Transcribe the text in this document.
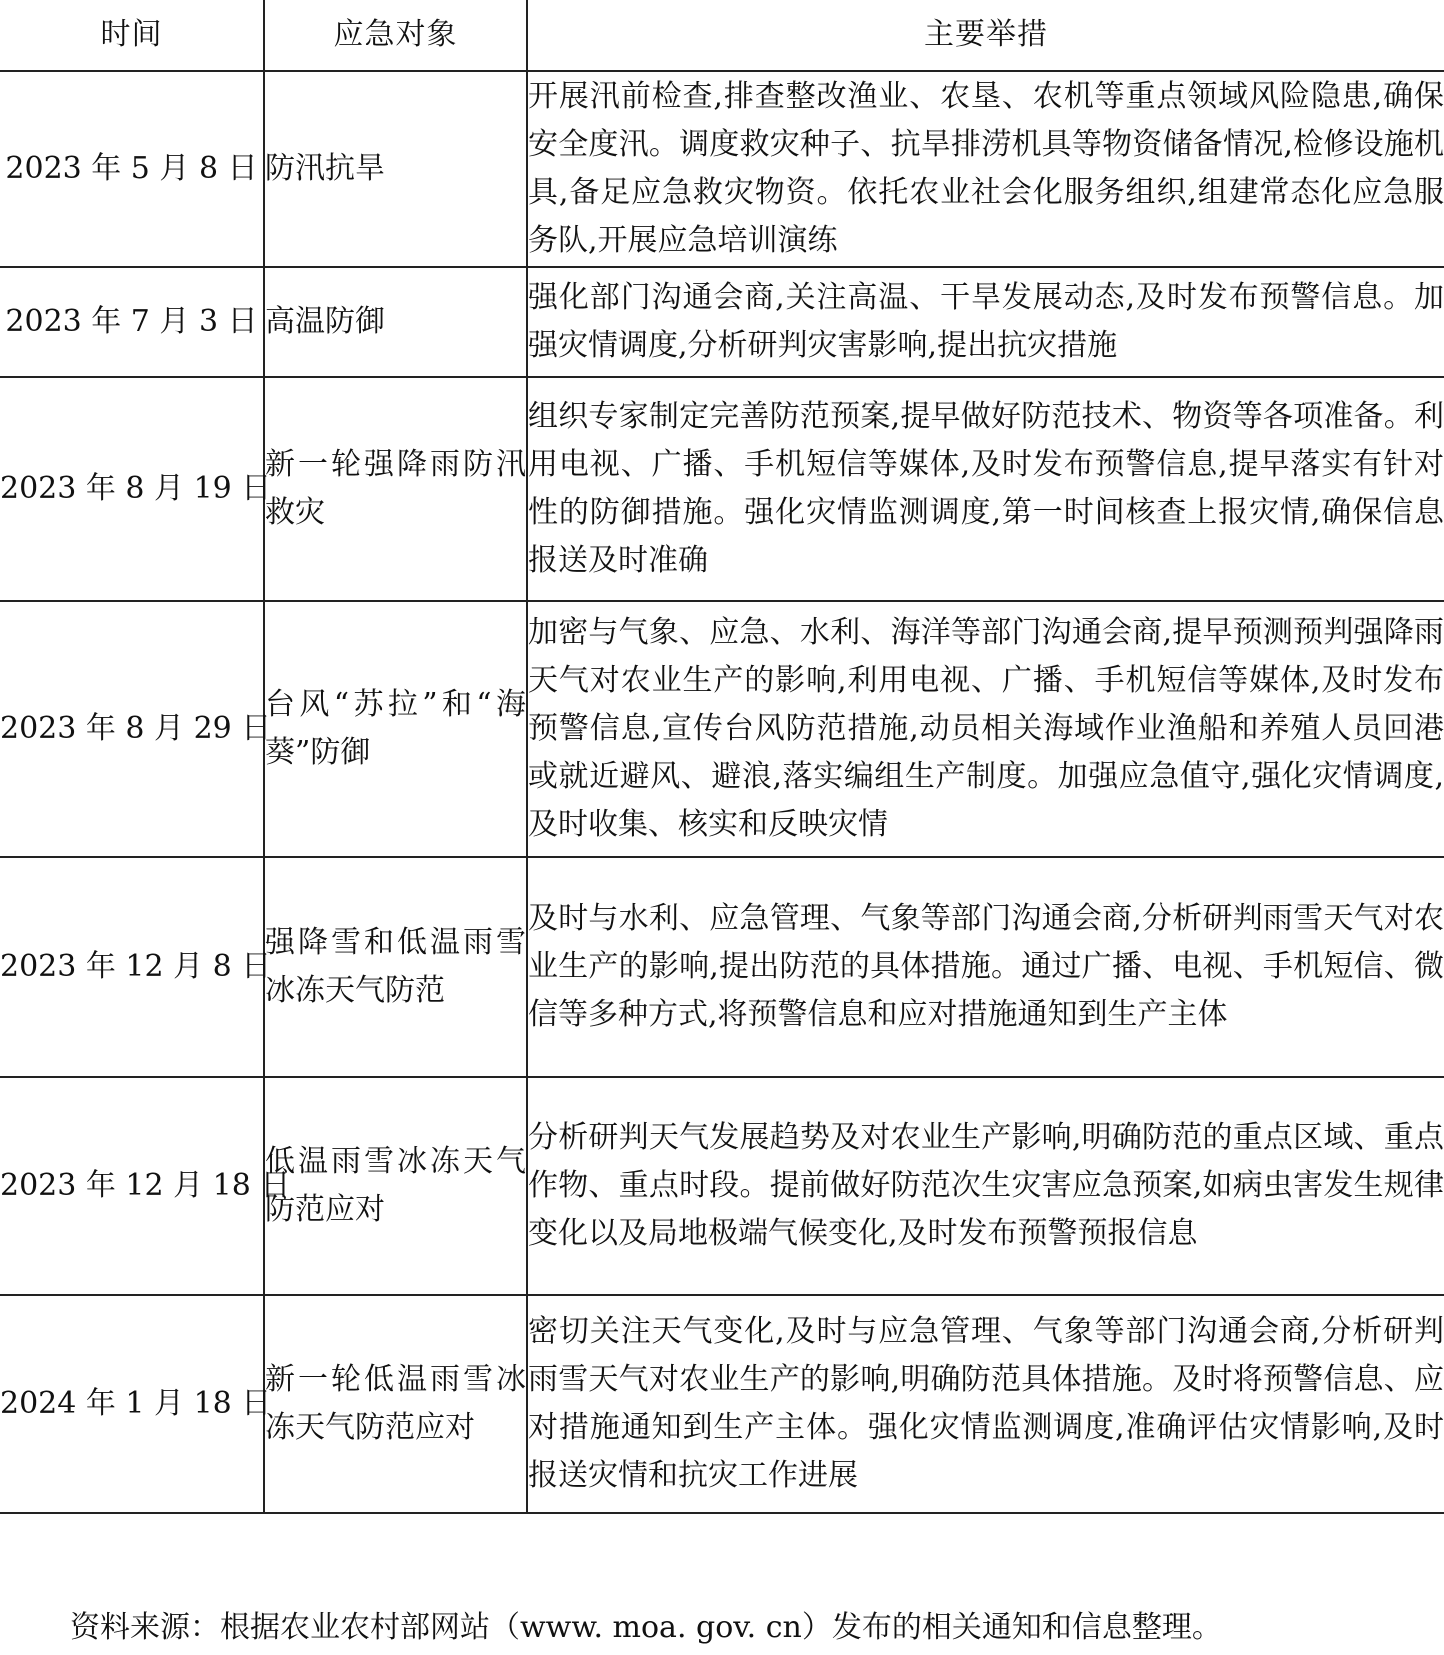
时间	应急对象	主要举措
2023 年 5 月 8 日	防汛抗旱	开展汛前检查,排查整改渔业、农垦、农机等重点领域风险隐患,确保安全度汛。调度救灾种子、抗旱排涝机具等物资储备情况,检修设施机具,备足应急救灾物资。依托农业社会化服务组织,组建常态化应急服务队,开展应急培训演练
2023 年 7 月 3 日	高温防御	强化部门沟通会商,关注高温、干旱发展动态,及时发布预警信息。加强灾情调度,分析研判灾害影响,提出抗灾措施
2023 年 8 月 19 日	新一轮强降雨防汛救灾	组织专家制定完善防范预案,提早做好防范技术、物资等各项准备。利用电视、广播、手机短信等媒体,及时发布预警信息,提早落实有针对性的防御措施。强化灾情监测调度,第一时间核查上报灾情,确保信息报送及时准确
2023 年 8 月 29 日	台风“苏拉”和“海葵”防御	加密与气象、应急、水利、海洋等部门沟通会商,提早预测预判强降雨天气对农业生产的影响,利用电视、广播、手机短信等媒体,及时发布预警信息,宣传台风防范措施,动员相关海域作业渔船和养殖人员回港或就近避风、避浪,落实编组生产制度。加强应急值守,强化灾情调度,及时收集、核实和反映灾情
2023 年 12 月 8 日	强降雪和低温雨雪冰冻天气防范	及时与水利、应急管理、气象等部门沟通会商,分析研判雨雪天气对农业生产的影响,提出防范的具体措施。通过广播、电视、手机短信、微信等多种方式,将预警信息和应对措施通知到生产主体
2023 年 12 月 18 日	低温雨雪冰冻天气防范应对	分析研判天气发展趋势及对农业生产影响,明确防范的重点区域、重点作物、重点时段。提前做好防范次生灾害应急预案,如病虫害发生规律变化以及局地极端气候变化,及时发布预警预报信息
2024 年 1 月 18 日	新一轮低温雨雪冰冻天气防范应对	密切关注天气变化,及时与应急管理、气象等部门沟通会商,分析研判雨雪天气对农业生产的影响,明确防范具体措施。及时将预警信息、应对措施通知到生产主体。强化灾情监测调度,准确评估灾情影响,及时报送灾情和抗灾工作进展
资料来源：根据农业农村部网站（www. moa. gov. cn）发布的相关通知和信息整理。
